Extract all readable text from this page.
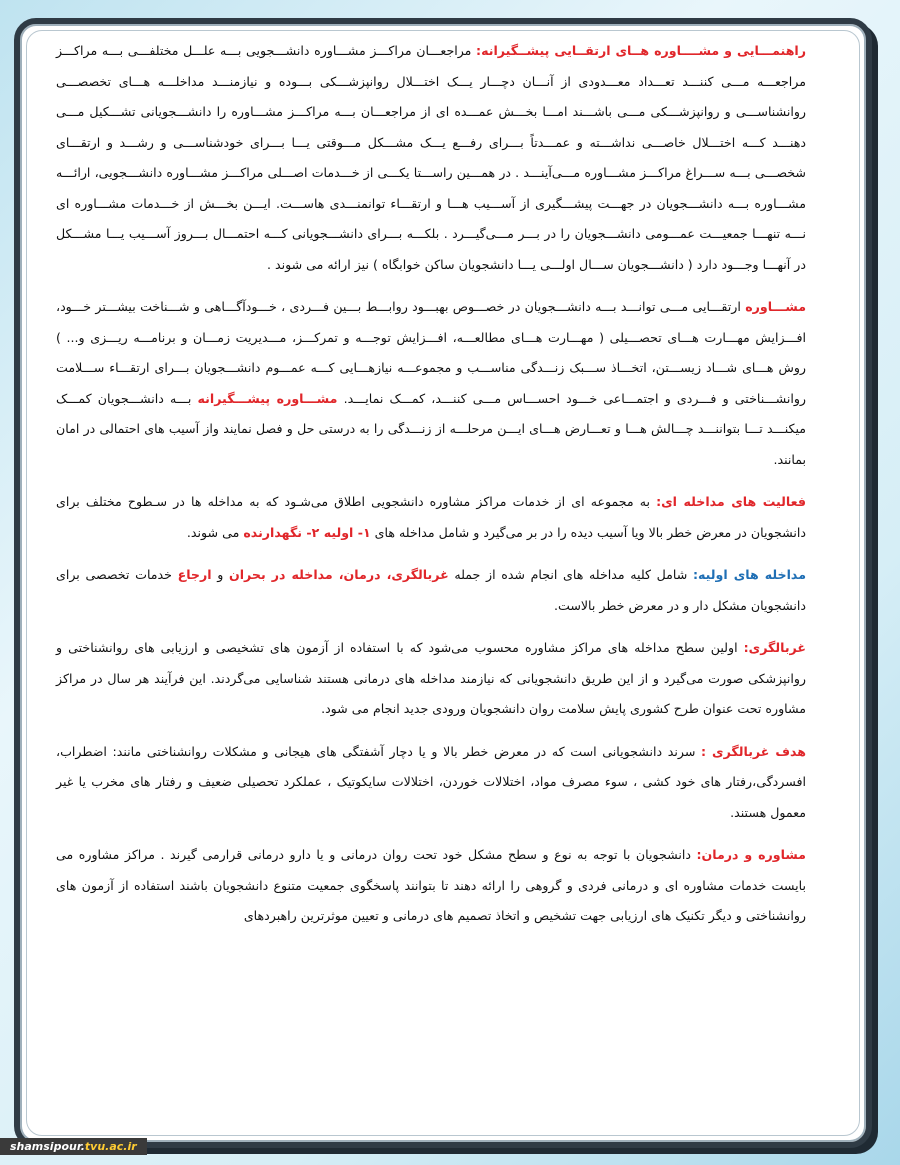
راهنمـــایی و مشــــاوره هــای ارتقــایی پیشــگیرانه: مراجعـــان مراکـــز مشـــاوره دانشـــجویی بـــه علـــل مختلفـــی بـــه مراکـــز مراجعـــه مـــی کننـــد تعـــداد معـــدودی از آنـــان دچـــار یـــک اختـــلال روانپزشـــکی بـــوده و نیازمنـــد مداخلـــه هـــای تخصصـــی روانشناســـی و روانپزشـــکی مـــی باشـــند امـــا بخـــش عمـــده ای از مراجعـــان بـــه مراکـــز مشـــاوره را دانشـــجویانی تشـــکیل مـــی دهنـــد کـــه اختـــلال خاصـــی نداشـــته و عمـــدتاً بـــرای رفـــع یـــک مشـــکل مـــوقتی یـــا بـــرای خودشناســـی و رشـــد و ارتقـــای شخصـــی بـــه ســـراغ مراکـــز مشـــاوره مـــی‌آینـــد . در همـــین راســـتا یکـــی از خـــدمات اصـــلی مراکـــز مشـــاوره دانشـــجویی، ارائـــه مشـــاوره بـــه دانشـــجویان در جهـــت پیشـــگیری از آســـیب هـــا و ارتقـــاء توانمنـــدی هاســـت. ایـــن بخـــش از خـــدمات مشـــاوره ای نـــه تنهـــا جمعیـــت عمـــومی دانشـــجویان را در بـــر مـــی‌گیـــرد . بلکـــه بـــرای دانشـــجویانی کـــه احتمـــال بـــروز آســـیب یـــا مشـــکل در آنهـــا وجـــود دارد ( دانشـــجویان ســـال اولـــی یـــا دانشجویان ساکن خوابگاه ) نیز ارائه می شوند .

مشـــاوره ارتقـــایی مـــی توانـــد بـــه دانشـــجویان در خصـــوص بهبـــود روابـــط بـــین فـــردی ، خـــودآگـــاهی و شـــناخت بیشـــتر خـــود، افـــزایش مهـــارت هـــای تحصـــیلی ( مهـــارت هـــای مطالعـــه، افـــزایش توجـــه و تمرکـــز، مـــدیریت زمـــان و برنامـــه ریـــزی و... ) روش هـــای شـــاد زیســـتن، اتخـــاذ ســـبک زنـــدگی مناســـب و مجموعـــه نیازهـــایی کـــه عمـــوم دانشـــجویان بـــرای ارتقـــاء ســـلامت روانشـــناختی و فـــردی و اجتمـــاعی خـــود احســـاس مـــی کننـــد، کمـــک نمایـــد. مشـــاوره پیشـــگیرانه بـــه دانشـــجویان کمـــک میکنـــد تـــا بتواننـــد چـــالش هـــا و تعـــارض هـــای ایـــن مرحلـــه از زنـــدگی را به درستی حل و فصل نمایند واز آسیب های احتمالی در امان بمانند.

فعالیت های مداخله ای: به مجموعه ای از خدمات مراکز مشاوره دانشجویی اطلاق می‌شـود که به مداخله ها در سـطوح مختلف برای دانشجویان در معرض خطر بالا ویا آسیب دیده را در بر می‌گیرد و شامل مداخله های ۱- اولیه ۲- نگهدارنده می شوند.

مداخله های اولیه: شامل کلیه مداخله های انجام شده از جمله غربالگری، درمان، مداخله در بحران و ارجاع خدمات تخصصی برای دانشجویان مشکل دار و در معرض خطر بالاست.

غربالگری: اولین سطح مداخله های مراکز مشاوره محسوب می‌شود که با استفاده از آزمون های تشخیصی و ارزیابی های روانشناختی و روانپزشکی صورت می‌گیرد و از این طریق دانشجویانی که نیازمند مداخله های درمانی هستند شناسایی می‌گردند. این فرآیند هر سال در مراکز مشاوره تحت عنوان طرح کشوری پایش سلامت روان دانشجویان ورودی جدید انجام می شود.

هدف غربالگری : سرند دانشجویانی است که در معرض خطر بالا و یا دچار آشفتگی های هیجانی و مشکلات روانشناختی مانند: اضطراب، افسردگی،رفتار های خود کشی ، سوء مصرف مواد، اختلالات خوردن، اختلالات سایکوتیک ، عملکرد تحصیلی ضعیف و رفتار های مخرب یا غیر معمول هستند.

مشاوره و درمان: دانشجویان با توجه به نوع و سطح مشکل خود تحت روان درمانی و یا دارو درمانی قرارمی گیرند . مراکز مشاوره می بایست خدمات مشاوره ای و درمانی فردی و گروهی را ارائه دهند تا بتوانند پاسخگوی جمعیت متنوع دانشجویان باشند استفاده از آزمون های روانشناختی و دیگر تکنیک های ارزیابی جهت تشخیص و اتخاذ تصمیم های درمانی و تعیین موثرترین راهبردهای

shamsipour.tvu.ac.ir
